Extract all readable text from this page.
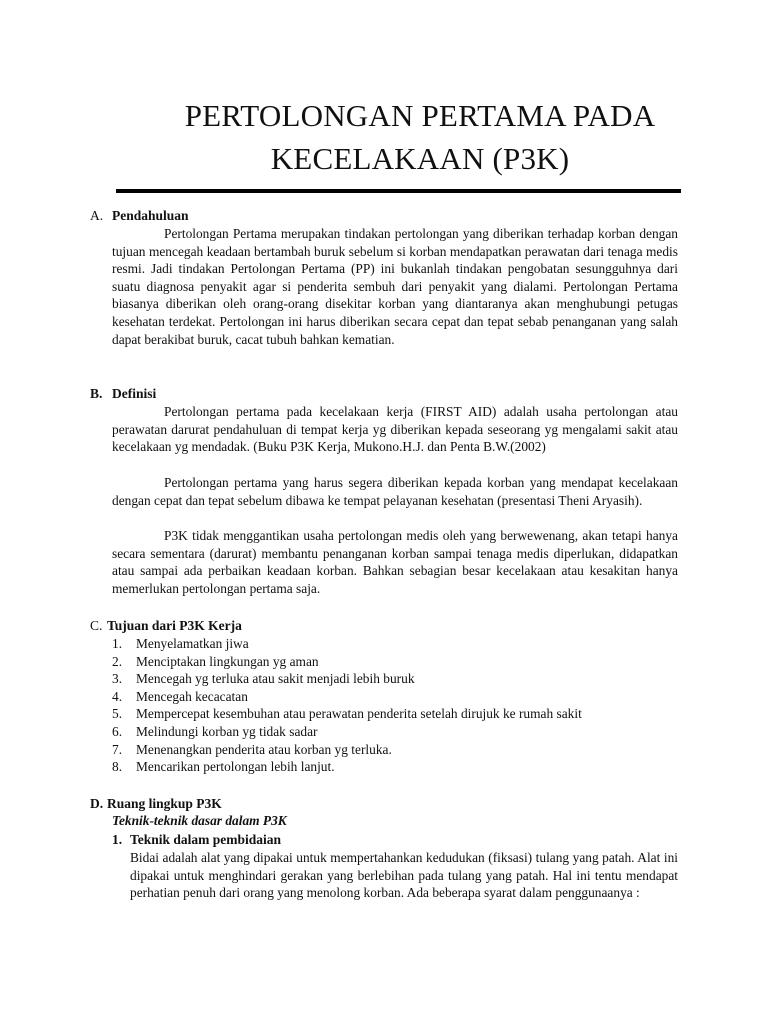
PERTOLONGAN PERTAMA PADA
KECELAKAAN (P3K)
A. Pendahuluan
Pertolongan Pertama merupakan tindakan pertolongan yang diberikan terhadap korban dengan tujuan mencegah keadaan bertambah buruk sebelum si korban mendapatkan perawatan dari tenaga medis resmi. Jadi tindakan Pertolongan Pertama (PP) ini bukanlah tindakan pengobatan sesungguhnya dari suatu diagnosa penyakit agar si penderita sembuh dari penyakit yang dialami. Pertolongan Pertama biasanya diberikan oleh orang-orang disekitar korban yang diantaranya akan menghubungi petugas kesehatan terdekat. Pertolongan ini harus diberikan secara cepat dan tepat sebab penanganan yang salah dapat berakibat buruk, cacat tubuh bahkan kematian.
B. Definisi
Pertolongan pertama pada kecelakaan kerja (FIRST AID) adalah usaha pertolongan atau perawatan darurat pendahuluan di tempat kerja yg diberikan kepada seseorang yg mengalami sakit atau kecelakaan yg mendadak. (Buku P3K Kerja, Mukono.H.J. dan Penta B.W.(2002)
Pertolongan pertama yang harus segera diberikan kepada korban yang mendapat kecelakaan dengan cepat dan tepat sebelum dibawa ke tempat pelayanan kesehatan (presentasi Theni Aryasih).
P3K tidak menggantikan usaha pertolongan medis oleh yang berwewenang, akan tetapi hanya secara sementara (darurat) membantu penanganan korban sampai tenaga medis diperlukan, didapatkan atau sampai ada perbaikan keadaan korban. Bahkan sebagian besar kecelakaan atau kesakitan hanya memerlukan pertolongan pertama saja.
C. Tujuan dari P3K Kerja
1. Menyelamatkan jiwa
2. Menciptakan lingkungan yg aman
3. Mencegah yg terluka atau sakit menjadi lebih buruk
4. Mencegah kecacatan
5. Mempercepat kesembuhan atau perawatan penderita setelah dirujuk ke rumah sakit
6. Melindungi korban yg tidak sadar
7. Menenangkan penderita atau korban yg terluka.
8. Mencarikan pertolongan lebih lanjut.
D. Ruang lingkup P3K
Teknik-teknik dasar dalam P3K
1. Teknik dalam pembidaian
Bidai adalah alat yang dipakai untuk mempertahankan kedudukan (fiksasi) tulang yang patah. Alat ini dipakai untuk menghindari gerakan yang berlebihan pada tulang yang patah. Hal ini tentu mendapat perhatian penuh dari orang yang menolong korban. Ada beberapa syarat dalam penggunaanya :
